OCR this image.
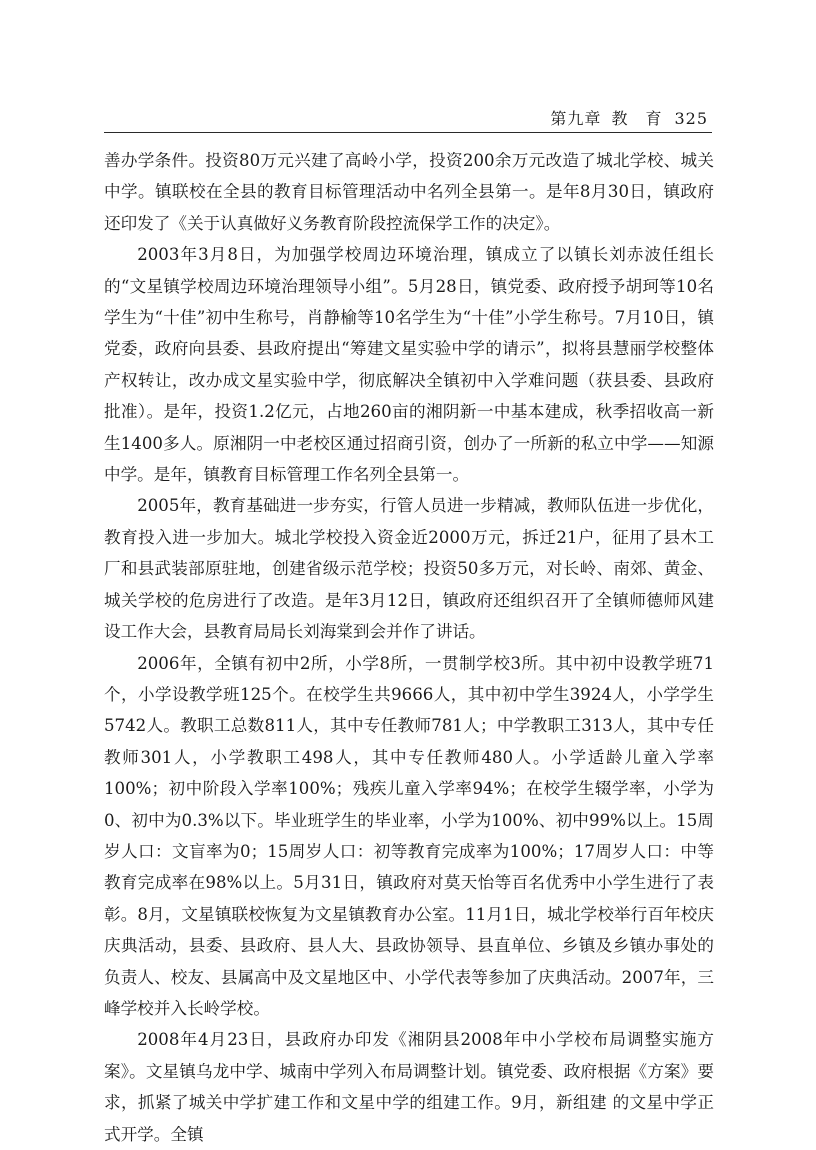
第九章 教　育 325

善办学条件。投资80万元兴建了高岭小学，投资200余万元改造了城北学校、城关中学。镇联校在全县的教育目标管理活动中名列全县第一。是年8月30日，镇政府还印发了《关于认真做好义务教育阶段控流保学工作的决定》。

2003年3月8日，为加强学校周边环境治理，镇成立了以镇长刘赤波任组长的“文星镇学校周边环境治理领导小组”。5月28日，镇党委、政府授予胡珂等10名学生为“十佳”初中生称号，肖静榆等10名学生为“十佳”小学生称号。7月10日，镇党委，政府向县委、县政府提出“筹建文星实验中学的请示”，拟将县慧丽学校整体产权转让，改办成文星实验中学，彻底解决全镇初中入学难问题（获县委、县政府批准）。是年，投资1.2亿元，占地260亩的湘阴新一中基本建成，秋季招收高一新生1400多人。原湘阴一中老校区通过招商引资，创办了一所新的私立中学——知源中学。是年，镇教育目标管理工作名列全县第一。

2005年，教育基础进一步夯实，行管人员进一步精减，教师队伍进一步优化，教育投入进一步加大。城北学校投入资金近2000万元，拆迁21户，征用了县木工厂和县武装部原驻地，创建省级示范学校；投资50多万元，对长岭、南郊、黄金、城关学校的危房进行了改造。是年3月12日，镇政府还组织召开了全镇师德师风建设工作大会，县教育局局长刘海棠到会并作了讲话。

2006年，全镇有初中2所，小学8所，一贯制学校3所。其中初中设教学班71个，小学设教学班125个。在校学生共9666人，其中初中学生3924人，小学学生5742人。教职工总数811人，其中专任教师781人；中学教职工313人，其中专任教师301人，小学教职工498人，其中专任教师480人。小学适龄儿童入学率100%；初中阶段入学率100%；残疾儿童入学率94%；在校学生辍学率，小学为0、初中为0.3%以下。毕业班学生的毕业率，小学为100%、初中99%以上。15周岁人口：文盲率为0；15周岁人口：初等教育完成率为100%；17周岁人口：中等教育完成率在98%以上。5月31日，镇政府对莫天怡等百名优秀中小学生进行了表彰。8月，文星镇联校恢复为文星镇教育办公室。11月1日，城北学校举行百年校庆庆典活动，县委、县政府、县人大、县政协领导、县直单位、乡镇及乡镇办事处的负责人、校友、县属高中及文星地区中、小学代表等参加了庆典活动。2007年，三峰学校并入长岭学校。

2008年4月23日，县政府办印发《湘阴县2008年中小学校布局调整实施方案》。文星镇乌龙中学、城南中学列入布局调整计划。镇党委、政府根据《方案》要求，抓紧了城关中学扩建工作和文星中学的组建工作。9月，新组建 的文星中学正式开学。全镇
